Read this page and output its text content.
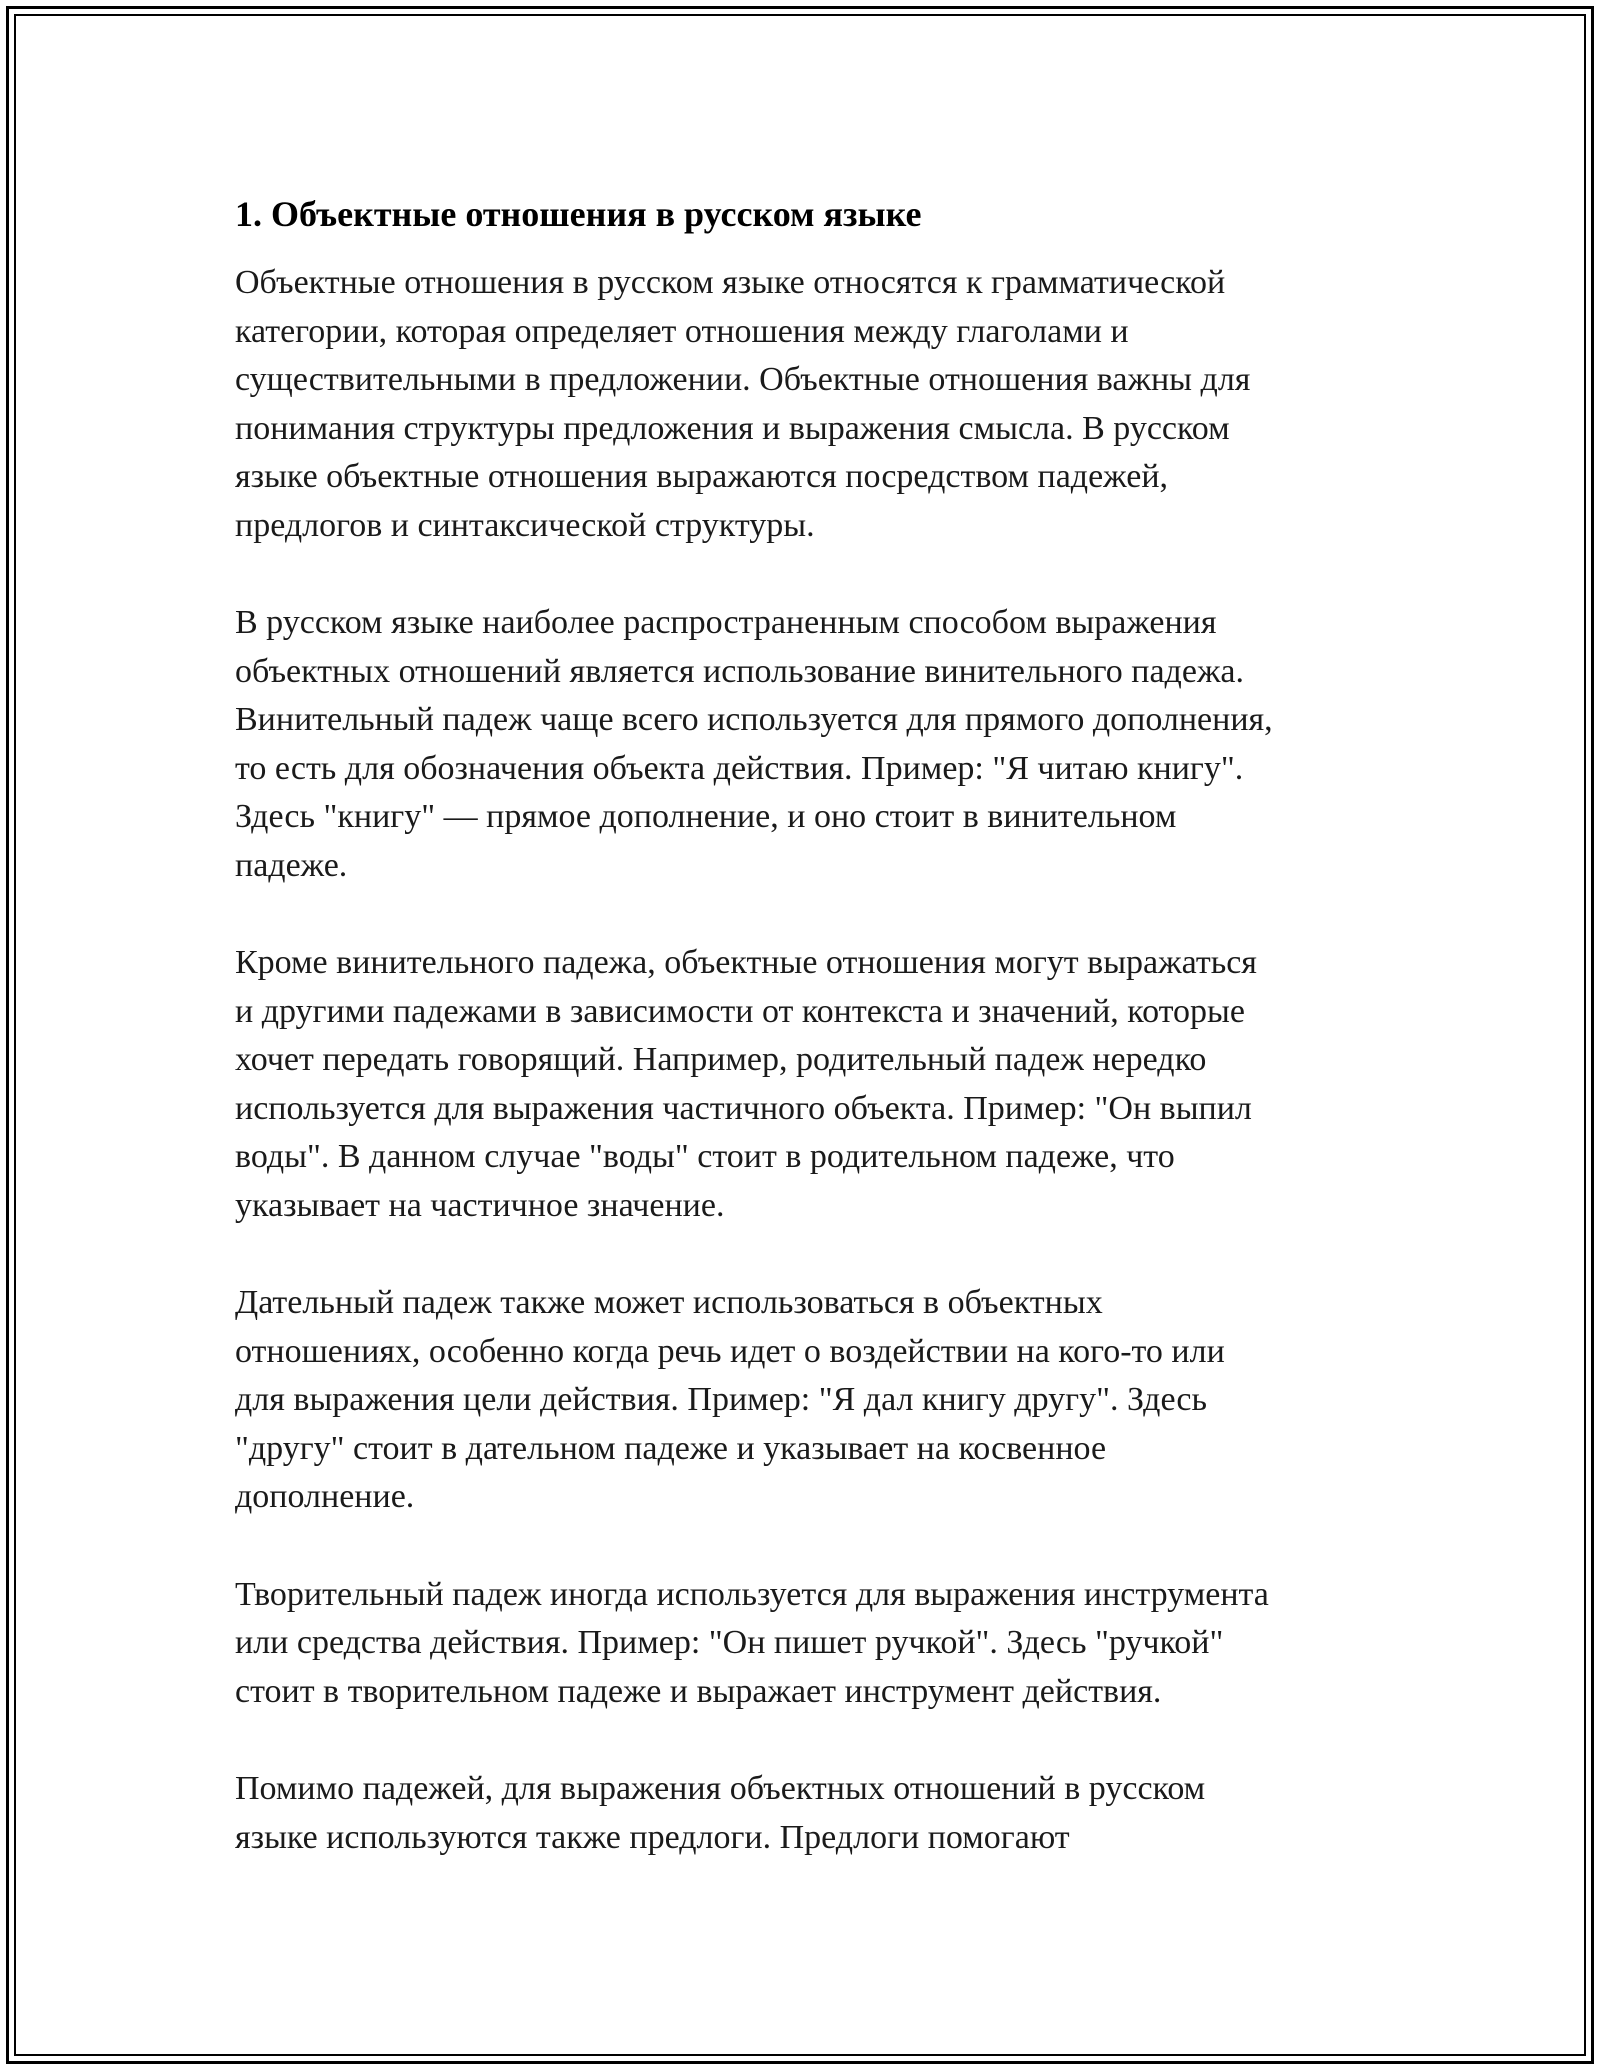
1. Объектные отношения в русском языке

Объектные отношения в русском языке относятся к грамматической
категории, которая определяет отношения между глаголами и
существительными в предложении. Объектные отношения важны для
понимания структуры предложения и выражения смысла. В русском
языке объектные отношения выражаются посредством падежей,
предлогов и синтаксической структуры.

В русском языке наиболее распространенным способом выражения
объектных отношений является использование винительного падежа.
Винительный падеж чаще всего используется для прямого дополнения,
то есть для обозначения объекта действия. Пример: "Я читаю книгу".
Здесь "книгу" — прямое дополнение, и оно стоит в винительном
падеже.

Кроме винительного падежа, объектные отношения могут выражаться
и другими падежами в зависимости от контекста и значений, которые
хочет передать говорящий. Например, родительный падеж нередко
используется для выражения частичного объекта. Пример: "Он выпил
воды". В данном случае "воды" стоит в родительном падеже, что
указывает на частичное значение.

Дательный падеж также может использоваться в объектных
отношениях, особенно когда речь идет о воздействии на кого-то или
для выражения цели действия. Пример: "Я дал книгу другу". Здесь
"другу" стоит в дательном падеже и указывает на косвенное
дополнение.

Творительный падеж иногда используется для выражения инструмента
или средства действия. Пример: "Он пишет ручкой". Здесь "ручкой"
стоит в творительном падеже и выражает инструмент действия.

Помимо падежей, для выражения объектных отношений в русском
языке используются также предлоги. Предлоги помогают
